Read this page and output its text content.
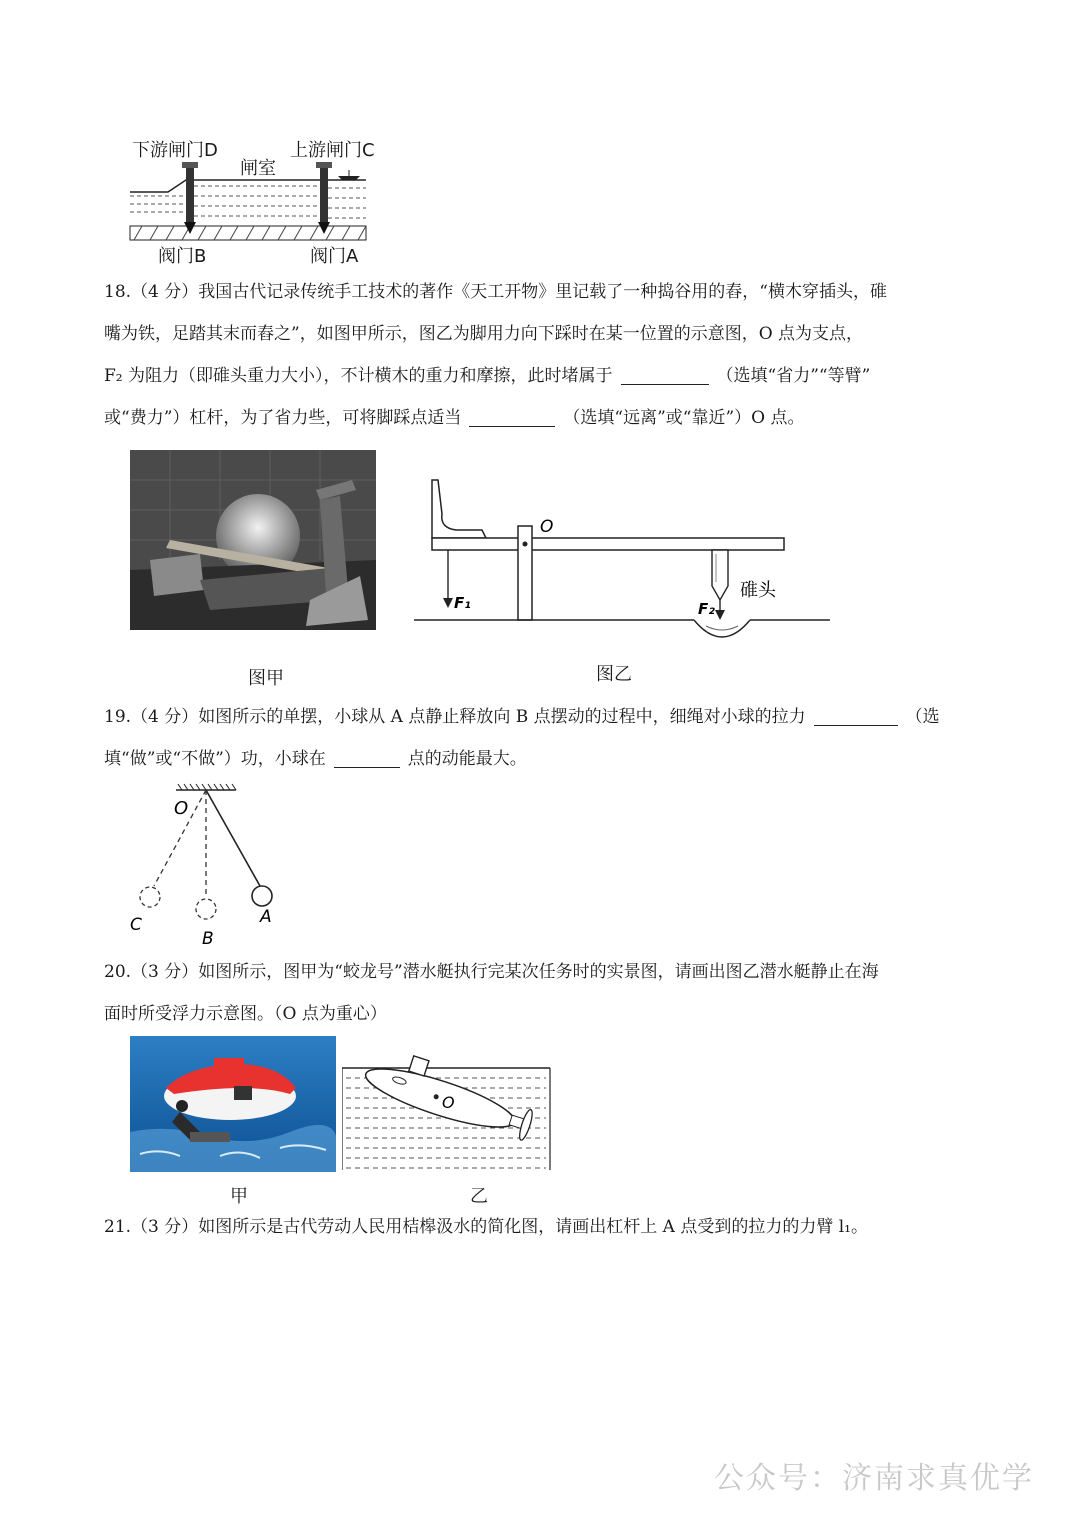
下游闸门D
闸室
上游闸门C
阀门B	阀门A

18.（4 分）我国古代记录传统手工技术的著作《天工开物》里记载了一种捣谷用的舂，“横木穿插头，碓

嘴为铁，足踏其末而舂之”，如图甲所示，图乙为脚用力向下踩时在某一位置的示意图，O 点为支点，

F₂ 为阻力（即碓头重力大小），不计横木的重力和摩擦，此时堵属于	（选填“省力”“等臂”

或“费力”）杠杆，为了省力些，可将脚踩点适当	（选填“远离”或“靠近”）O 点。

图甲
O
F₁	F₂
碓头
图乙

19.（4 分）如图所示的单摆，小球从 A 点静止释放向 B 点摆动的过程中，细绳对小球的拉力	（选

填“做”或“不做”）功，小球在	点的动能最大。

O
A
B
C

20.（3 分）如图所示，图甲为“蛟龙号”潜水艇执行完某次任务时的实景图，请画出图乙潜水艇静止在海

面时所受浮力示意图。（O 点为重心）

甲
O
乙

21.（3 分）如图所示是古代劳动人民用桔槔汲水的简化图，请画出杠杆上 A 点受到的拉力的力臂 l₁。

公众号：济南求真优学
